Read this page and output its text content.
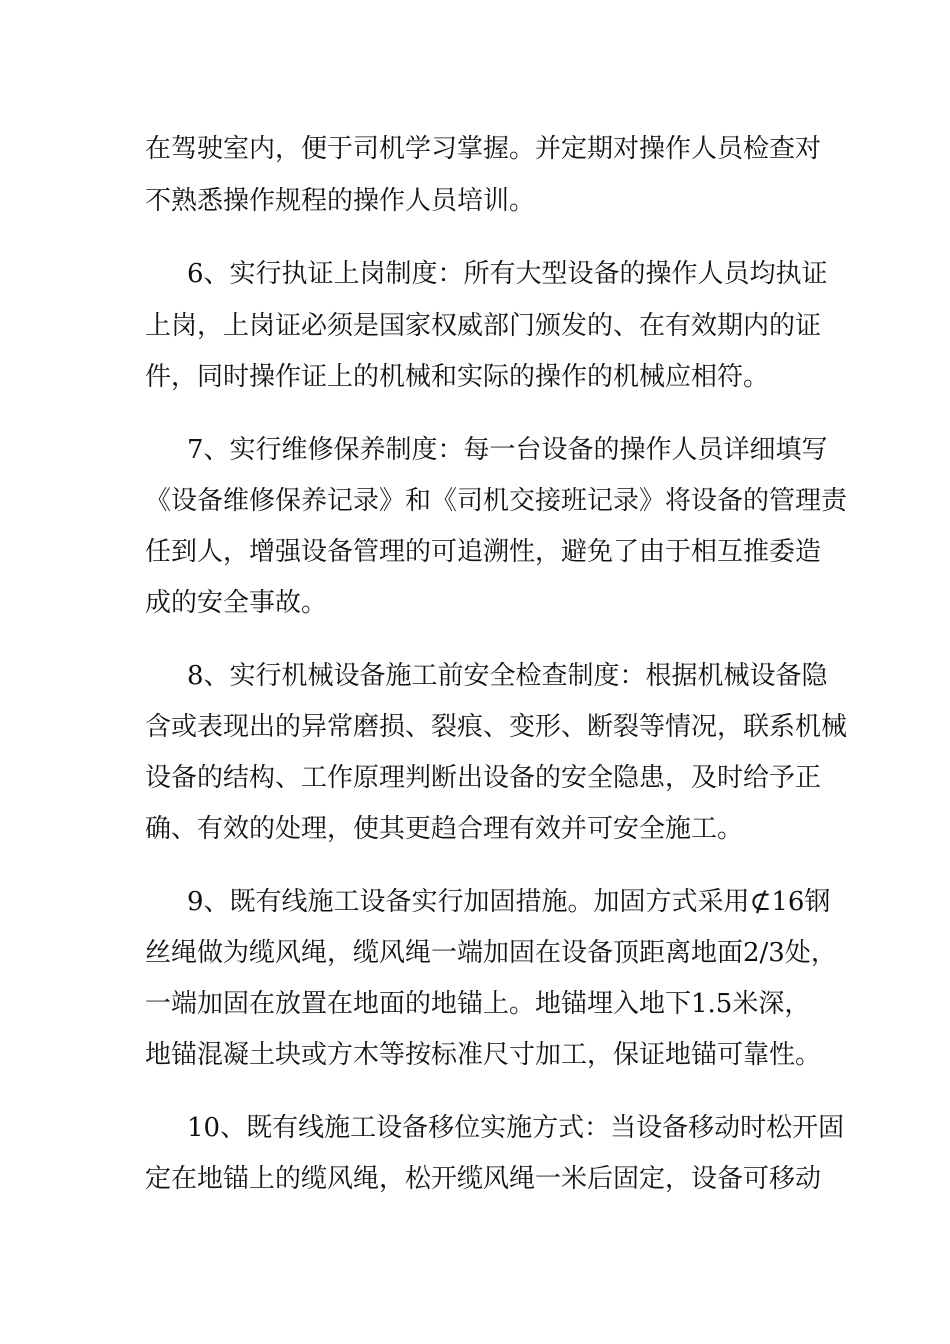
在驾驶室内，便于司机学习掌握。并定期对操作人员检查对

不熟悉操作规程的操作人员培训。

6、实行执证上岗制度：所有大型设备的操作人员均执证

上岗，上岗证必须是国家权威部门颁发的、在有效期内的证

件，同时操作证上的机械和实际的操作的机械应相符。

7、实行维修保养制度：每一台设备的操作人员详细填写

《设备维修保养记录》和《司机交接班记录》将设备的管理责

任到人，增强设备管理的可追溯性，避免了由于相互推委造

成的安全事故。

8、实行机械设备施工前安全检查制度：根据机械设备隐

含或表现出的异常磨损、裂痕、变形、断裂等情况，联系机械

设备的结构、工作原理判断出设备的安全隐患，及时给予正

确、有效的处理，使其更趋合理有效并可安全施工。

9、既有线施工设备实行加固措施。加固方式采用⊄16钢

丝绳做为缆风绳，缆风绳一端加固在设备顶距离地面2/3处，

一端加固在放置在地面的地锚上。地锚埋入地下1.5米深，

地锚混凝土块或方木等按标准尺寸加工，保证地锚可靠性。

10、既有线施工设备移位实施方式：当设备移动时松开固

定在地锚上的缆风绳，松开缆风绳一米后固定，设备可移动
